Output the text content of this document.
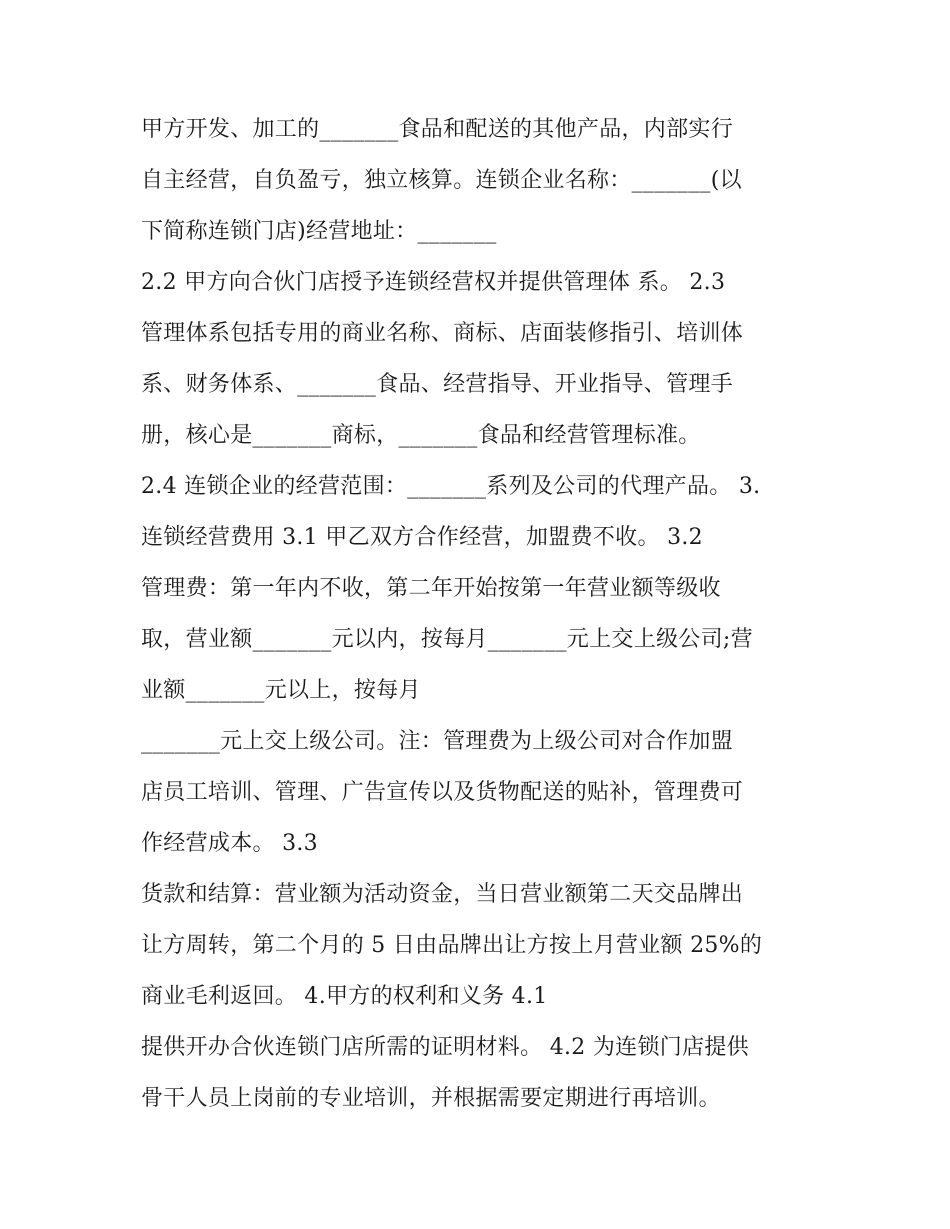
甲方开发、加工的_______食品和配送的其他产品，内部实行
自主经营，自负盈亏，独立核算。连锁企业名称：_______(以
下简称连锁门店)经营地址：_______
2.2 甲方向合伙门店授予连锁经营权并提供管理体 系。 2.3
管理体系包括专用的商业名称、商标、店面装修指引、培训体
系、财务体系、_______食品、经营指导、开业指导、管理手
册，核心是_______商标，_______食品和经营管理标准。
2.4 连锁企业的经营范围：_______系列及公司的代理产品。 3.
连锁经营费用 3.1 甲乙双方合作经营，加盟费不收。 3.2
管理费：第一年内不收，第二年开始按第一年营业额等级收
取，营业额_______元以内，按每月_______元上交上级公司;营
业额_______元以上，按每月
_______元上交上级公司。注：管理费为上级公司对合作加盟
店员工培训、管理、广告宣传以及货物配送的贴补，管理费可
作经营成本。 3.3
货款和结算：营业额为活动资金，当日营业额第二天交品牌出
让方周转，第二个月的 5 日由品牌出让方按上月营业额 25%的
商业毛利返回。 4.甲方的权利和义务 4.1
提供开办合伙连锁门店所需的证明材料。 4.2 为连锁门店提供
骨干人员上岗前的专业培训，并根据需要定期进行再培训。
